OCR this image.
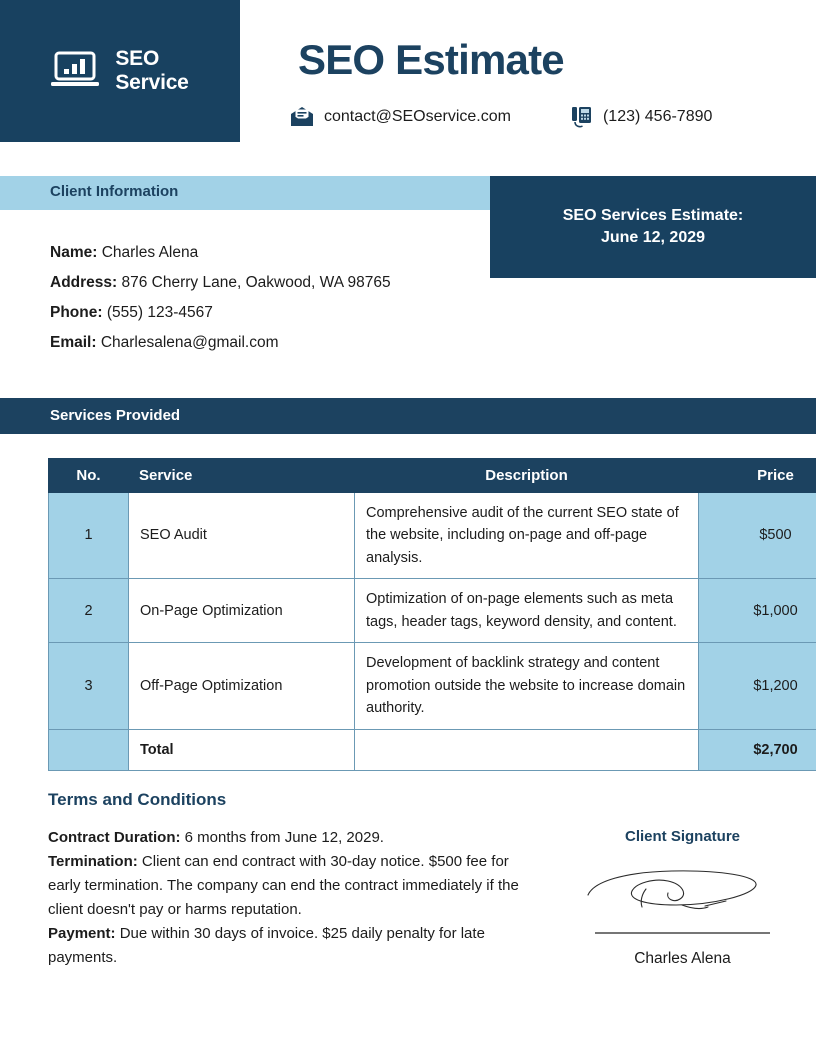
SEO
Service	SEO Estimate
contact@SEOservice.com	(123) 456-7890
Client Information
SEO Services Estimate:
June 12, 2029
Name: Charles Alena
Address: 876 Cherry Lane, Oakwood, WA 98765
Phone: (555) 123-4567
Email: Charlesalena@gmail.com
Services Provided
No.	Service	Description	Price
1	SEO Audit	Comprehensive audit of the current SEO state of the website, including on-page and off-page analysis.	$500
2	On-Page Optimization	Optimization of on-page elements such as meta tags, header tags, keyword density, and content.	$1,000
3	Off-Page Optimization	Development of backlink strategy and content promotion outside the website to increase domain authority.	$1,200
	Total		$2,700
Terms and Conditions
Contract Duration: 6 months from June 12, 2029.
Termination: Client can end contract with 30-day notice. $500 fee for early termination. The company can end the contract immediately if the client doesn't pay or harms reputation.
Payment: Due within 30 days of invoice. $25 daily penalty for late payments.
Client Signature
Charles Alena
